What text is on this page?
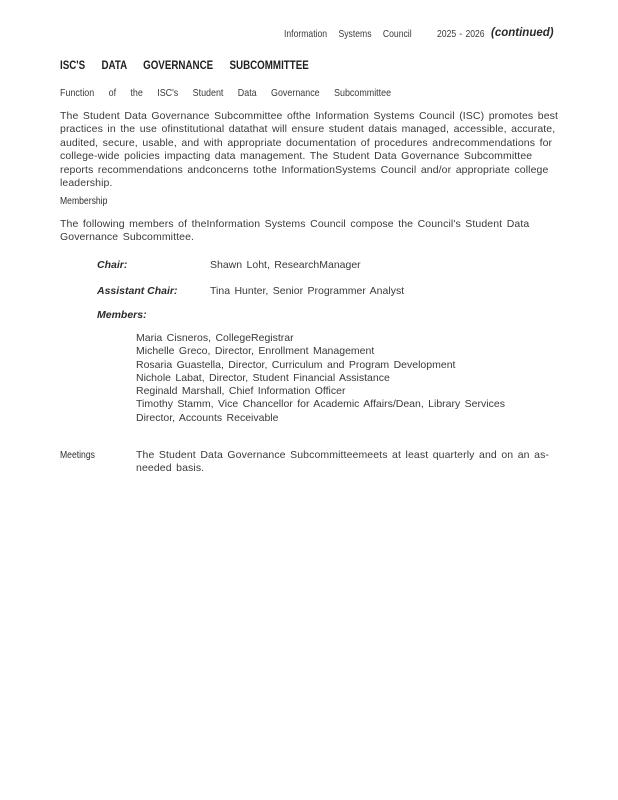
Information Systems Council	2025 - 2026 (continued)
ISC'S DATA GOVERNANCE SUBCOMMITTEE
Function of the ISC's Student Data Governance Subcommittee
The Student Data Governance Subcommittee ofthe Information Systems Council (ISC) promotes best practices in the use ofinstitutional datathat will ensure student datais managed, accessible, accurate, audited, secure, usable, and with appropriate documentation of procedures andrecommendations for college-wide policies impacting data management. The Student Data Governance Subcommittee reports recommendations andconcerns tothe InformationSystems Council and/or appropriate college leadership.
Membership
The following members of theInformation Systems Council compose the Council's Student Data Governance Subcommittee.
Chair:	Shawn Loht, ResearchManager
Assistant Chair:	Tina Hunter, Senior Programmer Analyst
Members:
Maria Cisneros, CollegeRegistrar
Michelle Greco, Director, Enrollment Management
Rosaria Guastella, Director, Curriculum and Program Development
Nichole Labat, Director, Student Financial Assistance
Reginald Marshall, Chief Information Officer
Timothy Stamm, Vice Chancellor for Academic Affairs/Dean, Library Services
Director, Accounts Receivable
Meetings	The Student Data Governance Subcommitteemeets at least quarterly and on an as- needed basis.
